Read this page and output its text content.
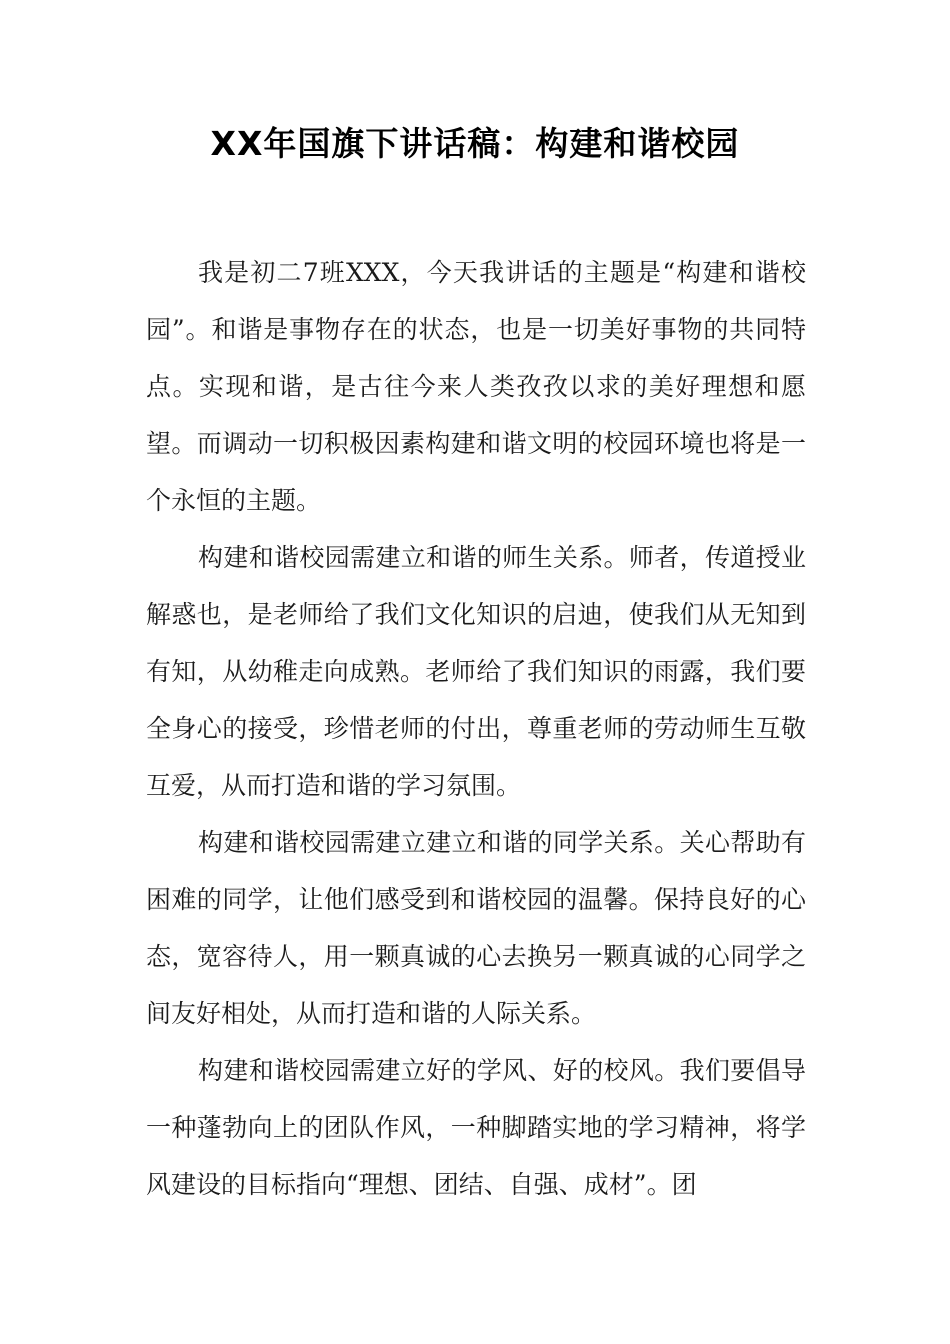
XX年国旗下讲话稿：构建和谐校园

我是初二7班XXX，今天我讲话的主题是“构建和谐校园”。和谐是事物存在的状态，也是一切美好事物的共同特点。实现和谐，是古往今来人类孜孜以求的美好理想和愿望。而调动一切积极因素构建和谐文明的校园环境也将是一个永恒的主题。

构建和谐校园需建立和谐的师生关系。师者，传道授业解惑也，是老师给了我们文化知识的启迪，使我们从无知到有知，从幼稚走向成熟。老师给了我们知识的雨露，我们要全身心的接受，珍惜老师的付出，尊重老师的劳动师生互敬互爱，从而打造和谐的学习氛围。

构建和谐校园需建立建立和谐的同学关系。关心帮助有困难的同学，让他们感受到和谐校园的温馨。保持良好的心态，宽容待人，用一颗真诚的心去换另一颗真诚的心同学之间友好相处，从而打造和谐的人际关系。

构建和谐校园需建立好的学风、好的校风。我们要倡导一种蓬勃向上的团队作风，一种脚踏实地的学习精神，将学风建设的目标指向“理想、团结、自强、成材”。团
